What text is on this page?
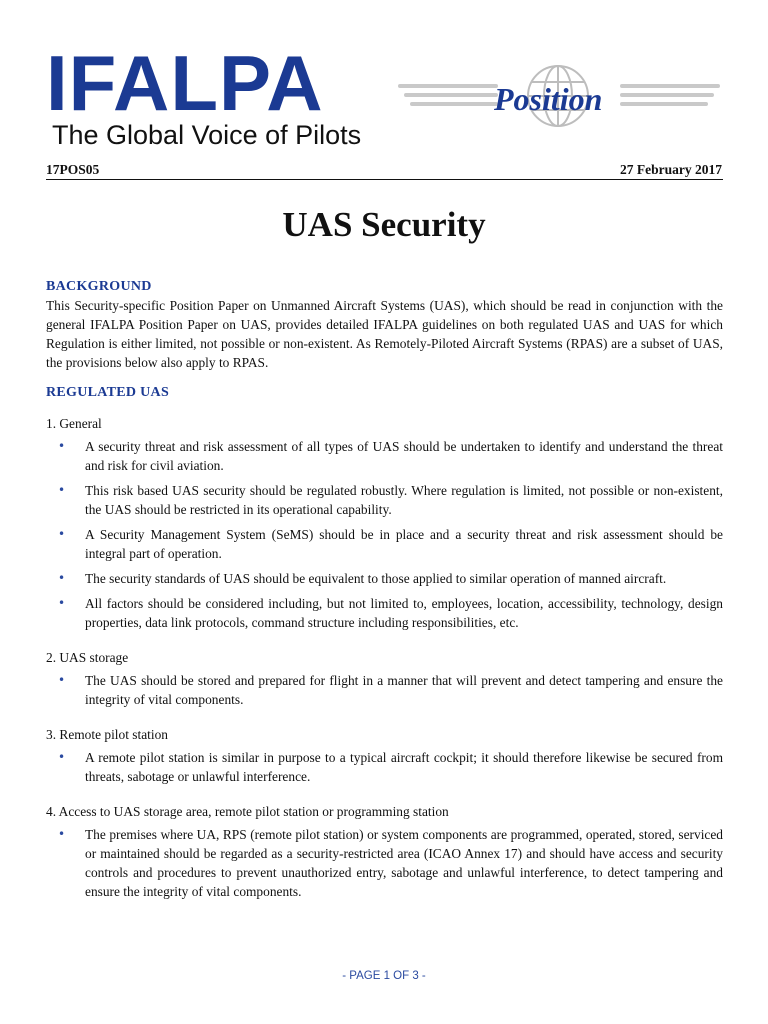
IFALPA
The Global Voice of Pilots
Position
17POS05	27 February 2017
UAS Security

BACKGROUND

This Security-specific Position Paper on Unmanned Aircraft Systems (UAS), which should be read in conjunction with the general IFALPA Position Paper on UAS, provides detailed IFALPA guidelines on both regulated UAS and UAS for which Regulation is either limited, not possible or non-existent. As Remotely-Piloted Aircraft Systems (RPAS) are a subset of UAS, the provisions below also apply to RPAS.

REGULATED UAS

1. General

• A security threat and risk assessment of all types of UAS should be undertaken to identify and understand the threat and risk for civil aviation.
• This risk based UAS security should be regulated robustly. Where regulation is limited, not possible or non-existent, the UAS should be restricted in its operational capability.
• A Security Management System (SeMS) should be in place and a security threat and risk assessment should be integral part of operation.
• The security standards of UAS should be equivalent to those applied to similar operation of manned aircraft.
• All factors should be considered including, but not limited to, employees, location, accessibility, technology, design properties, data link protocols, command structure including responsibilities, etc.

2. UAS storage

• The UAS should be stored and prepared for flight in a manner that will prevent and detect tampering and ensure the integrity of vital components.

3. Remote pilot station

• A remote pilot station is similar in purpose to a typical aircraft cockpit; it should therefore likewise be secured from threats, sabotage or unlawful interference.

4. Access to UAS storage area, remote pilot station or programming station

• The premises where UA, RPS (remote pilot station) or system components are programmed, operated, stored, serviced or maintained should be regarded as a security-restricted area (ICAO Annex 17) and should have access and security controls and procedures to prevent unauthorized entry, sabotage and unlawful interference, to detect tampering and ensure the integrity of vital components.
- PAGE 1 OF 3 -
